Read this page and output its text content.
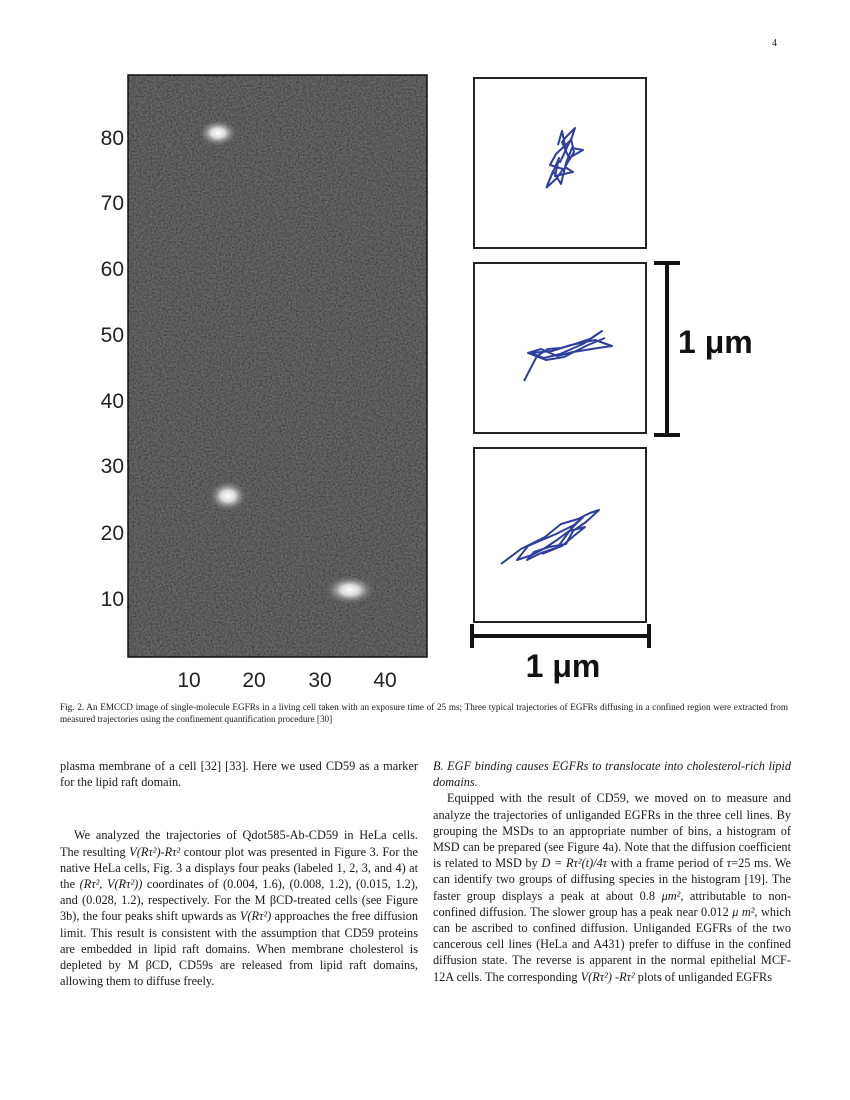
4
80
70
60
50
40
30
20
10
10 20 30 40
1 μm
1 μm
Fig. 2. An EMCCD image of single-molecule EGFRs in a living cell taken with an exposure time of 25 ms; Three typical trajectories of EGFRs diffusing in a confined region were extracted from measured trajectories using the confinement quantification procedure [30]

plasma membrane of a cell [32] [33]. Here we used CD59 as a marker for the lipid raft domain.

We analyzed the trajectories of Qdot585-Ab-CD59 in HeLa cells. The resulting V(Rτ²)-Rτ² contour plot was presented in Figure 3. For the native HeLa cells, Fig. 3 a displays four peaks (labeled 1, 2, 3, and 4) at the (Rτ², V(Rτ²)) coordinates of (0.004, 1.6), (0.008, 1.2), (0.015, 1.2), and (0.028, 1.2), respectively. For the M βCD-treated cells (see Figure 3b), the four peaks shift upwards as V(Rτ²) approaches the free diffusion limit. This result is consistent with the assumption that CD59 proteins are embedded in lipid raft domains. When membrane cholesterol is depleted by M βCD, CD59s are released from lipid raft domains, allowing them to diffuse freely.

B. EGF binding causes EGFRs to translocate into cholesterol-rich lipid domains.

Equipped with the result of CD59, we moved on to measure and analyze the trajectories of unliganded EGFRs in the three cell lines. By grouping the MSDs to an appropriate number of bins, a histogram of MSD can be prepared (see Figure 4a). Note that the diffusion coefficient is related to MSD by D = Rτ²(t)/4τ with a frame period of τ=25 ms. We can identify two groups of diffusing species in the histogram [19]. The faster group displays a peak at about 0.8 μm², attributable to non-confined diffusion. The slower group has a peak near 0.012 μ m², which can be ascribed to confined diffusion. Unliganded EGFRs of the two cancerous cell lines (HeLa and A431) prefer to diffuse in the confined diffusion state. The reverse is apparent in the normal epithelial MCF-12A cells. The corresponding V(Rτ²) -Rτ² plots of unliganded EGFRs
